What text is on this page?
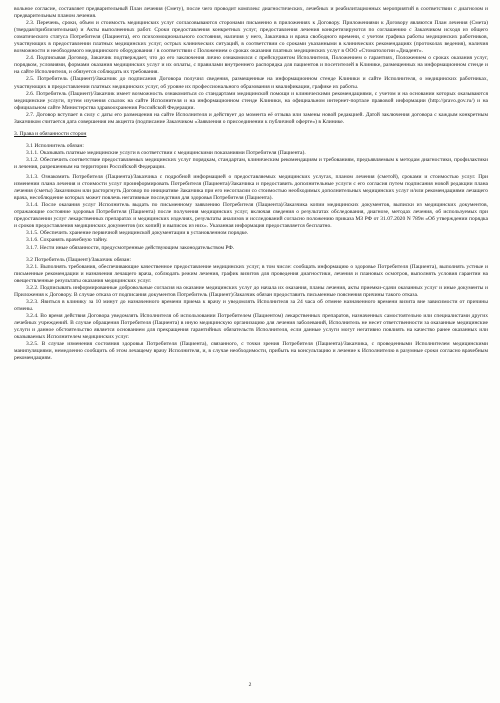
вольное согласие, составляет предварительный План лечения (Смету), после чего проводит комплекс диагностических, лечебных и реабилитационных мероприятий в соответствии с диагнозом и предварительным планом лечения.

2.3. Перечень, сроки, объем и стоимость медицинских услуг согласовываются сторонами письменно в приложениях к Договору. Приложениями к Договору являются План лечения (Смета) (твердая/приблизительная) и Акты выполненных работ. Сроки предоставления конкретных услуг, предоставления лечения конкретизируются по соглашению с Заказчиком исходя из общего соматического статуса Потребителя (Пациента), его психоэмоционального состояния, наличия у него, Заказчика и врача свободного времени, с учетом графика работы медицинских работников, участвующих в предоставлении платных медицинских услуг, острых клинических ситуаций, в соответствии со сроками указанными в клинических рекомендациях (протоколах ведения), наличия возможности и необходимого медицинского оборудования / в соответствии с Положением о сроках оказания платных медицинских услуг в ООО «Стоматологии «Диадент».

2.4. Подписывая Договор, Заказчик подтверждает, что до его заключения лично ознакомился с прейскурантом Исполнителя, Положением о гарантиях, Положением о сроках оказания услуг, порядком, условиями, формами оказания медицинских услуг и их оплаты, с правилами внутреннего распорядка для пациентов и посетителей в Клинике, размещенных на информационном стенде и на сайте Исполнителя, и обязуется соблюдать их требования.

2.5. Потребитель (Пациент)/Заказчик до подписания Договора получил сведения, размещенные на информационном стенде Клиники и сайте Исполнителя, о медицинских работниках, участвующих в предоставлении платных медицинских услуг, об уровне их профессионального образования и квалификации, графике их работы.

2.6. Потребитель (Пациент)/Заказчик имеет возможность ознакомиться со стандартами медицинской помощи и клиническими рекомендациями, с учетом и на основании которых оказываются медицинские услуги, путем изучения ссылок на сайте Исполнителя и на информационном стенде Клиники, на официальном интернет-портале правовой информации (http://pravo.gov.ru/) и на официальном сайте Министерства здравоохранения Российской Федерации.

2.7. Договор вступает в силу с даты его размещения на сайте Исполнителя и действует до момента её отзыва или замены новой редакцией. Датой заключения договора с каждым конкретным Заказчиком считается дата совершения им акцепта (подписание Заказчиком «Заявления о присоединении к публичной оферте») в Клинике.

3. Права и обязанности сторон

3.1 Исполнитель обязан:

3.1.1. Оказывать платные медицинские услуги в соответствии с медицинскими показаниями Потребителя (Пациента).

3.1.2. Обеспечить соответствие предоставляемых медицинских услуг порядкам, стандартам, клиническим рекомендациям и требованиям, предъявляемым к методам диагностики, профилактики и лечения, разрешенным на территории Российской Федерации.

3.1.3. Ознакомить Потребителя (Пациента)/Заказчика с подробной информацией о предоставляемых медицинских услугах, планом лечения (сметой), сроками и стоимостью услуг. При изменении плана лечения и стоимости услуг проинформировать Потребителя (Пациента)/Заказчика и предоставить дополнительные услуги с его согласия путем подписания новой редакции плана лечения (сметы) Заказчиком или расторгнуть Договор по инициативе Заказчика при его несогласии со стоимостью необходимых дополнительных медицинских услуг и/или рекомендациями лечащего врача, несоблюдение которых может повлечь негативные последствия для здоровья Потребителя (Пациента).

3.1.4. После оказания услуг Исполнитель выдать по письменному заявлению Потребителя (Пациента)/Заказчика копии медицинских документов, выписки из медицинских документов, отражающие состояние здоровья Потребителя (Пациента) после получения медицинских услуг, включая сведения о результатах обследования, диагнозе, методах лечения, об используемых при предоставлении услуг лекарственных препаратах и медицинских изделиях, результаты анализов и исследований согласно положению приказа МЗ РФ от 31.07.2020 N 789н «Об утверждении порядка и сроков предоставления медицинских документов (их копий) и выписок из них». Указанная информация предоставляется бесплатно.

3.1.5. Обеспечить хранение первичной медицинской документации в установленном порядке.

3.1.6. Сохранять врачебную тайну.

3.1.7. Нести иные обязанности, предусмотренные действующим законодательством РФ.

3.2 Потребитель (Пациент)/Заказчик обязан:

3.2.1. Выполнять требования, обеспечивающие качественное предоставление медицинских услуг, в том числе: сообщать информацию о здоровье Потребителя (Пациента), выполнять устные и письменные рекомендации и назначения лечащего врача, соблюдать режим лечения, график визитов для проведения диагностики, лечения и плановых осмотров, выполнять условия гарантии на овеществленные результаты оказания медицинских услуг.

3.2.2. Подписывать информированные добровольные согласия на оказание медицинских услуг до начала их оказания, планы лечения, акты приемки-сдачи оказанных услуг и иные документы и Приложения к Договору. В случае отказа от подписания документов Потребитель (Пациент)/Заказчик обязан предоставить письменные пояснения причины такого отказа.

3.2.3. Явиться в клинику за 10 минут до назначенного времени приема к врачу и уведомлять Исполнителя за 24 часа об отмене назначенного времени визита вне зависимости от причины отмены.

3.2.4. Во время действия Договора уведомлять Исполнителя об использовании Потребителем (Пациентом) лекарственных препаратов, назначенных самостоятельно или специалистами других лечебных учреждений. В случае обращения Потребителя (Пациента) в иную медицинскую организацию для лечения заболеваний, Исполнитель не несет ответственности за оказанные медицинские услуги и данное обстоятельство является основанием для прекращения гарантийных обязательств Исполнителя, если данные услуги могут негативно повлиять на качество ранее оказанных или оказываемых Исполнителем медицинских услуг.

3.2.5. В случае изменения состояния здоровья Потребителя (Пациента), связанного, с точки зрения Потребителя (Пациента)/Заказчика, с проведенными Исполнителем медицинскими манипуляциями, немедленно сообщить об этом лечащему врачу Исполнителя, и, в случае необходимости, прибыть на консультацию и лечение к Исполнителю в разумные сроки согласно врачебным рекомендациям.

2
